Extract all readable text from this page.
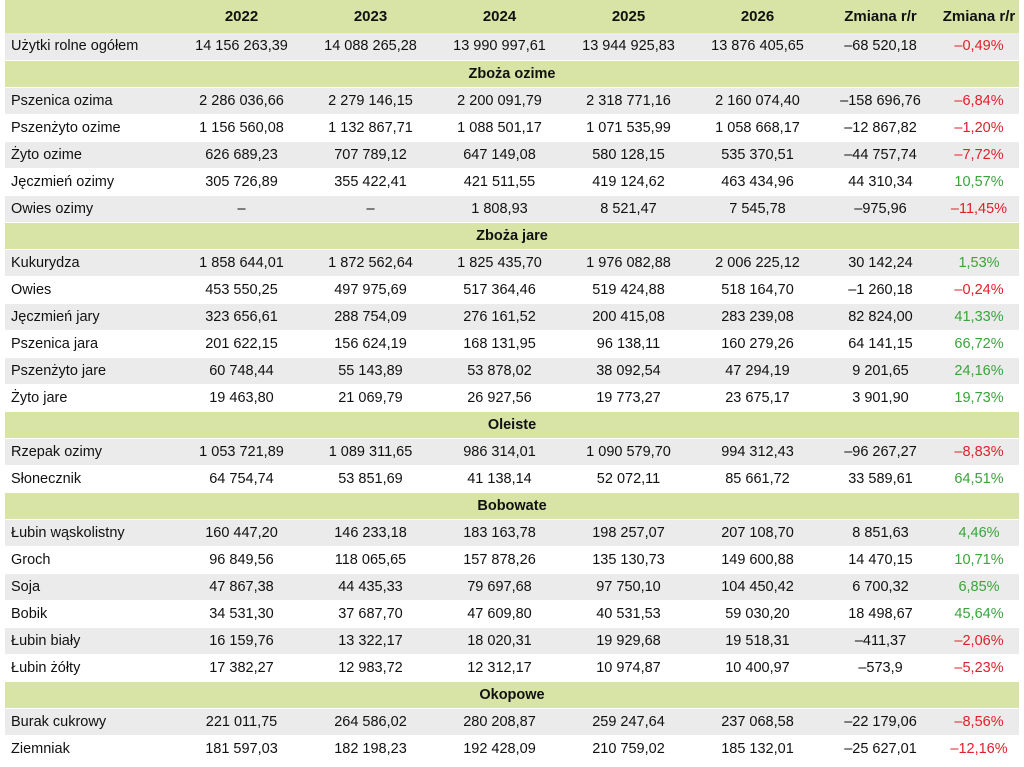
	2022	2023	2024	2025	2026	Zmiana r/r	Zmiana r/r
Użytki rolne ogółem	14 156 263,39	14 088 265,28	13 990 997,61	13 944 925,83	13 876 405,65	–68 520,18	–0,49%
Zboża ozime							
Pszenica ozima	2 286 036,66	2 279 146,15	2 200 091,79	2 318 771,16	2 160 074,40	–158 696,76	–6,84%
Pszenżyto ozime	1 156 560,08	1 132 867,71	1 088 501,17	1 071 535,99	1 058 668,17	–12 867,82	–1,20%
Żyto ozime	626 689,23	707 789,12	647 149,08	580 128,15	535 370,51	–44 757,74	–7,72%
Jęczmień ozimy	305 726,89	355 422,41	421 511,55	419 124,62	463 434,96	44 310,34	10,57%
Owies ozimy	–	–	1 808,93	8 521,47	7 545,78	–975,96	–11,45%
Zboża jare							
Kukurydza	1 858 644,01	1 872 562,64	1 825 435,70	1 976 082,88	2 006 225,12	30 142,24	1,53%
Owies	453 550,25	497 975,69	517 364,46	519 424,88	518 164,70	–1 260,18	–0,24%
Jęczmień jary	323 656,61	288 754,09	276 161,52	200 415,08	283 239,08	82 824,00	41,33%
Pszenica jara	201 622,15	156 624,19	168 131,95	96 138,11	160 279,26	64 141,15	66,72%
Pszenżyto jare	60 748,44	55 143,89	53 878,02	38 092,54	47 294,19	9 201,65	24,16%
Żyto jare	19 463,80	21 069,79	26 927,56	19 773,27	23 675,17	3 901,90	19,73%
Oleiste							
Rzepak ozimy	1 053 721,89	1 089 311,65	986 314,01	1 090 579,70	994 312,43	–96 267,27	–8,83%
Słonecznik	64 754,74	53 851,69	41 138,14	52 072,11	85 661,72	33 589,61	64,51%
Bobowate							
Łubin wąskolistny	160 447,20	146 233,18	183 163,78	198 257,07	207 108,70	8 851,63	4,46%
Groch	96 849,56	118 065,65	157 878,26	135 130,73	149 600,88	14 470,15	10,71%
Soja	47 867,38	44 435,33	79 697,68	97 750,10	104 450,42	6 700,32	6,85%
Bobik	34 531,30	37 687,70	47 609,80	40 531,53	59 030,20	18 498,67	45,64%
Łubin biały	16 159,76	13 322,17	18 020,31	19 929,68	19 518,31	–411,37	–2,06%
Łubin żółty	17 382,27	12 983,72	12 312,17	10 974,87	10 400,97	–573,9	–5,23%
Okopowe							
Burak cukrowy	221 011,75	264 586,02	280 208,87	259 247,64	237 068,58	–22 179,06	–8,56%
Ziemniak	181 597,03	182 198,23	192 428,09	210 759,02	185 132,01	–25 627,01	–12,16%
